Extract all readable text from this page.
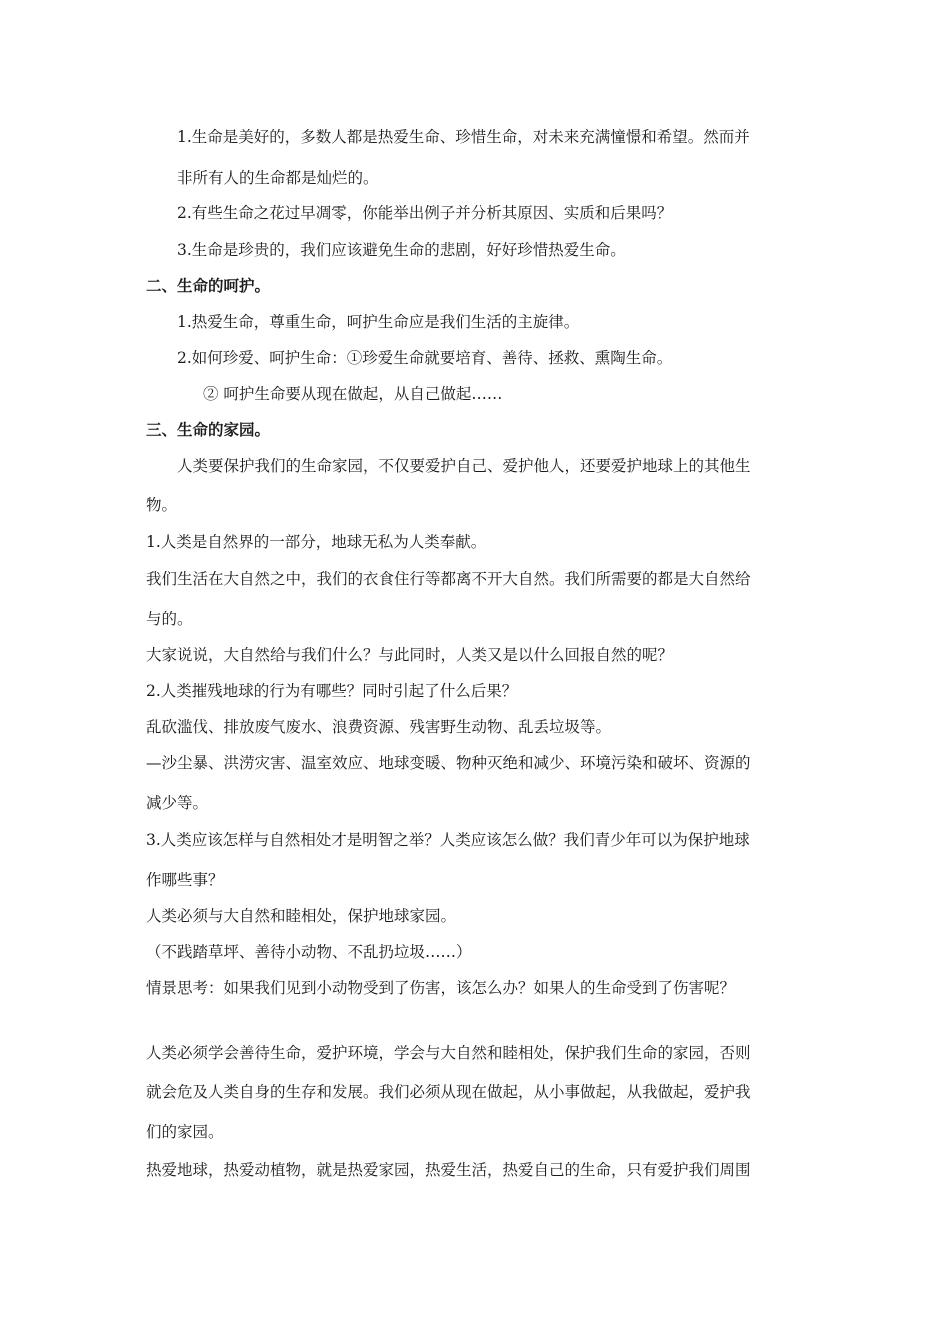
1.生命是美好的，多数人都是热爱生命、珍惜生命，对未来充满憧憬和希望。然而并
非所有人的生命都是灿烂的。
2.有些生命之花过早凋零，你能举出例子并分析其原因、实质和后果吗？
3.生命是珍贵的，我们应该避免生命的悲剧，好好珍惜热爱生命。
二、生命的呵护。
1.热爱生命，尊重生命，呵护生命应是我们生活的主旋律。
2.如何珍爱、呵护生命：①珍爱生命就要培育、善待、拯救、熏陶生命。
② 呵护生命要从现在做起，从自己做起……
三、生命的家园。
人类要保护我们的生命家园，不仅要爱护自己、爱护他人，还要爱护地球上的其他生
物。
1.人类是自然界的一部分，地球无私为人类奉献。
我们生活在大自然之中，我们的衣食住行等都离不开大自然。我们所需要的都是大自然给
与的。
大家说说，大自然给与我们什么？与此同时，人类又是以什么回报自然的呢？
2.人类摧残地球的行为有哪些？同时引起了什么后果？
乱砍滥伐、排放废气废水、浪费资源、残害野生动物、乱丢垃圾等。
—沙尘暴、洪涝灾害、温室效应、地球变暖、物种灭绝和减少、环境污染和破坏、资源的
减少等。
3.人类应该怎样与自然相处才是明智之举？人类应该怎么做？我们青少年可以为保护地球
作哪些事？
人类必须与大自然和睦相处，保护地球家园。
（不践踏草坪、善待小动物、不乱扔垃圾……）
情景思考：如果我们见到小动物受到了伤害，该怎么办？如果人的生命受到了伤害呢？
人类必须学会善待生命，爱护环境，学会与大自然和睦相处，保护我们生命的家园，否则
就会危及人类自身的生存和发展。我们必须从现在做起，从小事做起，从我做起，爱护我
们的家园。
热爱地球，热爱动植物，就是热爱家园，热爱生活，热爱自己的生命，只有爱护我们周围
